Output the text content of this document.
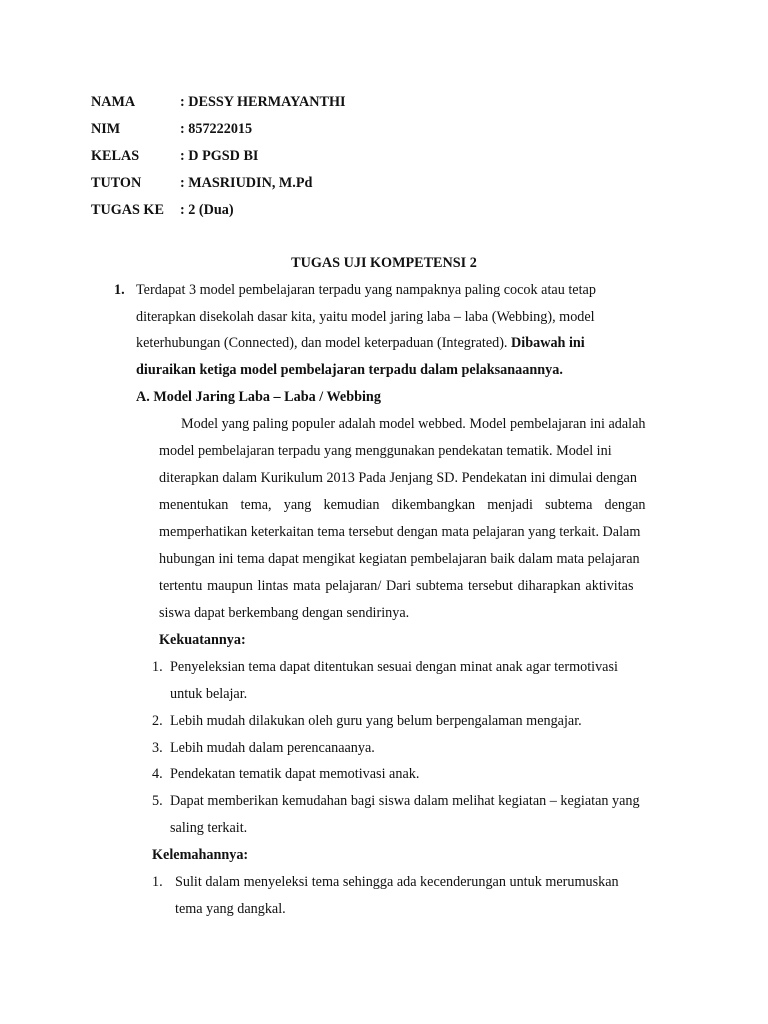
NAMA	: DESSY HERMAYANTHI
NIM	: 857222015
KELAS	: D PGSD BI
TUTON	: MASRIUDIN, M.Pd
TUGAS KE : 2 (Dua)
TUGAS UJI KOMPETENSI 2
1. Terdapat 3 model pembelajaran terpadu yang nampaknya paling cocok atau tetap
diterapkan disekolah dasar kita, yaitu model jaring laba – laba (Webbing), model
keterhubungan (Connected), dan model keterpaduan (Integrated). Dibawah ini
diuraikan ketiga model pembelajaran terpadu dalam pelaksanaannya.
A. Model Jaring Laba – Laba / Webbing
Model yang paling populer adalah model webbed. Model pembelajaran ini adalah
model pembelajaran terpadu yang menggunakan pendekatan tematik. Model ini
diterapkan dalam Kurikulum 2013 Pada Jenjang SD. Pendekatan ini dimulai dengan
menentukan tema, yang kemudian dikembangkan menjadi subtema dengan
memperhatikan keterkaitan tema tersebut dengan mata pelajaran yang terkait. Dalam
hubungan ini tema dapat mengikat kegiatan pembelajaran baik dalam mata pelajaran
tertentu maupun lintas mata pelajaran/ Dari subtema tersebut diharapkan aktivitas
siswa dapat berkembang dengan sendirinya.
Kekuatannya:
1. Penyeleksian tema dapat ditentukan sesuai dengan minat anak agar termotivasi
untuk belajar.
2. Lebih mudah dilakukan oleh guru yang belum berpengalaman mengajar.
3. Lebih mudah dalam perencanaanya.
4. Pendekatan tematik dapat memotivasi anak.
5. Dapat memberikan kemudahan bagi siswa dalam melihat kegiatan – kegiatan yang
saling terkait.
Kelemahannya:
1. Sulit dalam menyeleksi tema sehingga ada kecenderungan untuk merumuskan
tema yang dangkal.
